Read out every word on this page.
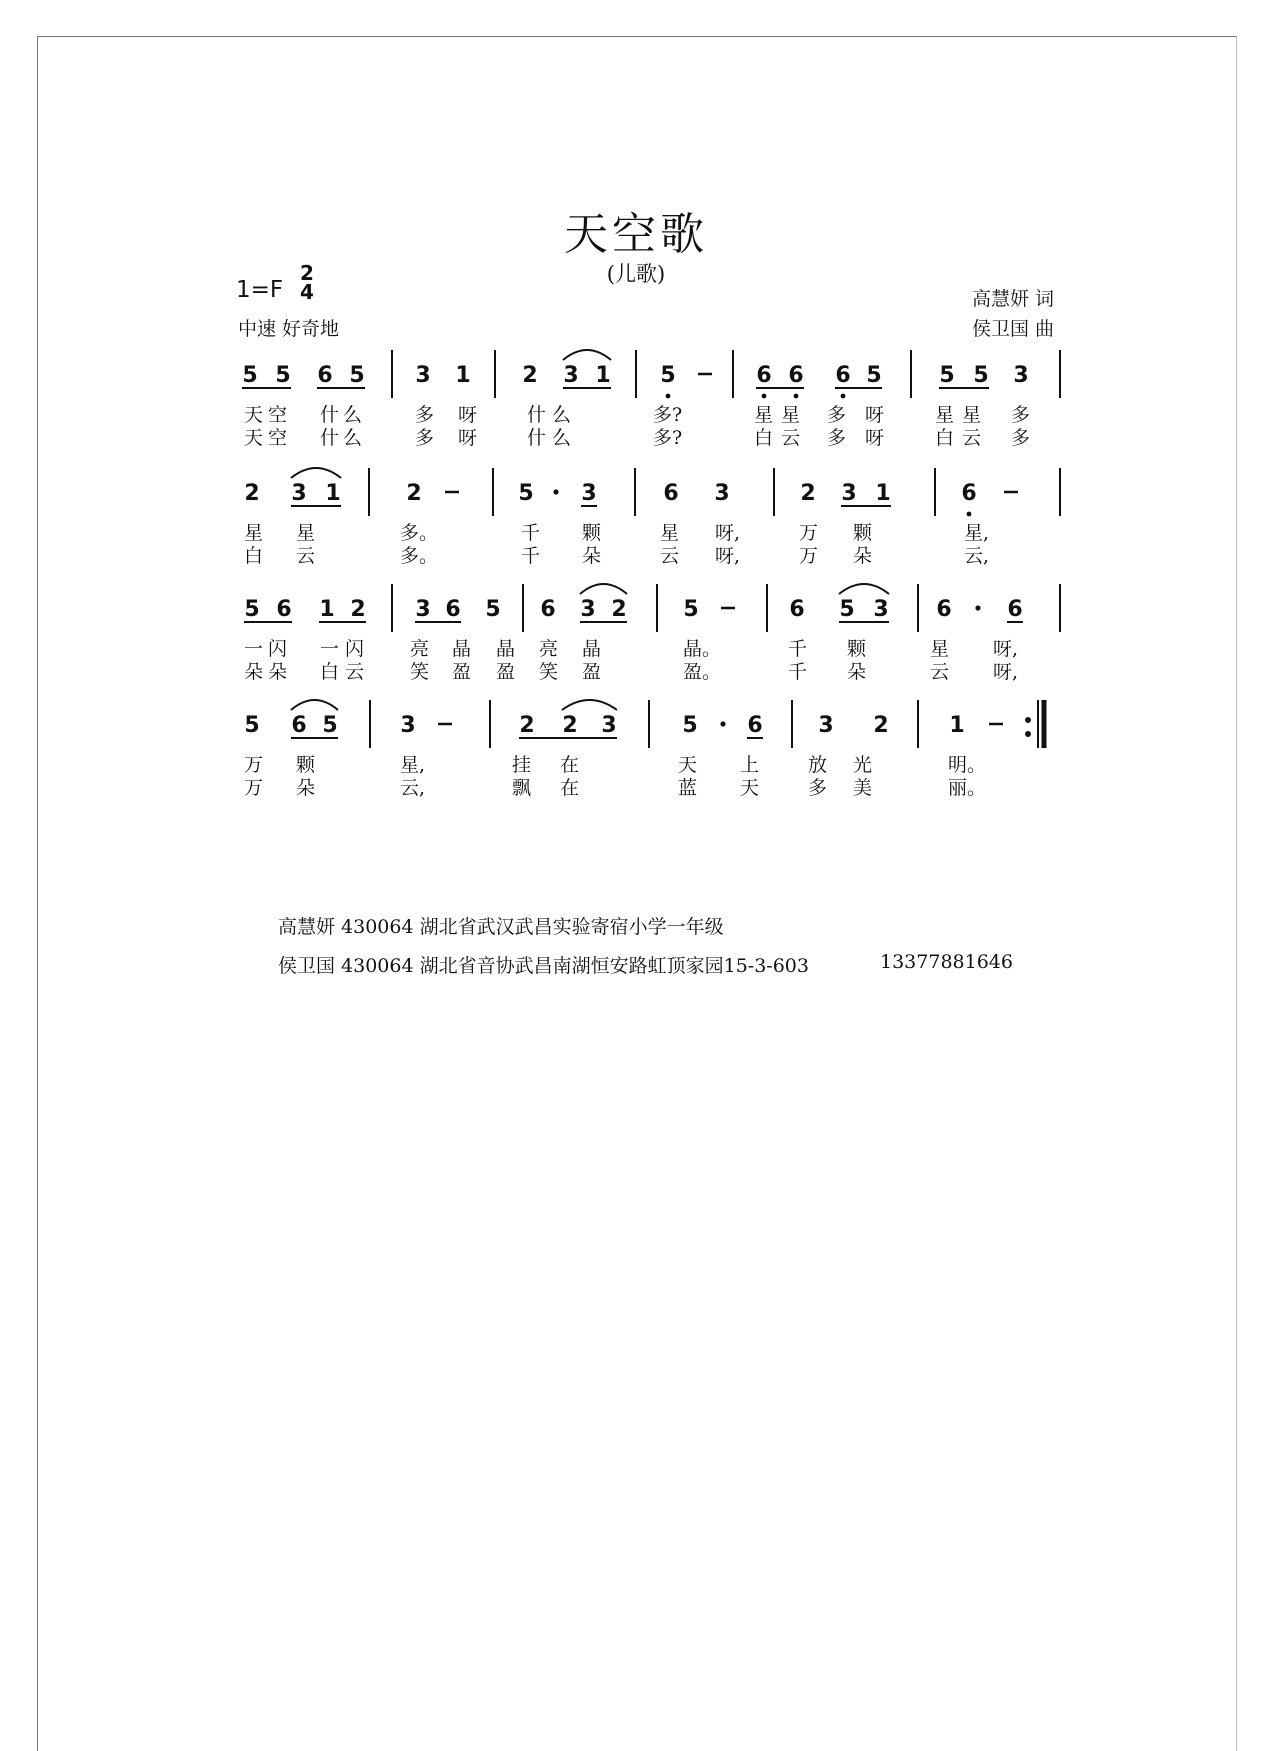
天空歌
(儿歌)
1=F
2
4
中速 好奇地
高慧妍 词
侯卫国 曲
5 5 6 5 3 1 2 3 1 5	6 6 6 5	5 5 3
2 3 1	2	5 3	6 3	2 3 1	6
5 6 1 2 3 6 5 6 3 2	5	6 5 3 6	6
5 6 5	3	2 2 3	5 6	3 2	1
天 空 什 么	多 呀	什 么	多?	星 星 多 呀	星 星 多
天 空 什 么	多 呀	什 么	多?	白 云 多 呀	白 云 多
星 星	多。	千 颗	星 呀,	万 颗	星,
白 云	多。	千 朵	云 呀,	万 朵	云,
一 闪 一 闪 亮 晶 晶 亮 晶	晶。	千 颗	星 呀,
朵 朵 白 云 笑 盈 盈 笑 盈	盈。	千 朵	云 呀,
万 颗	星,	挂 在	天 上	放 光	明。
万 朵	云,	飘 在	蓝 天	多 美	丽。
高慧妍 430064 湖北省武汉武昌实验寄宿小学一年级
侯卫国 430064 湖北省音协武昌南湖恒安路虹顶家园15-3-603	13377881646
